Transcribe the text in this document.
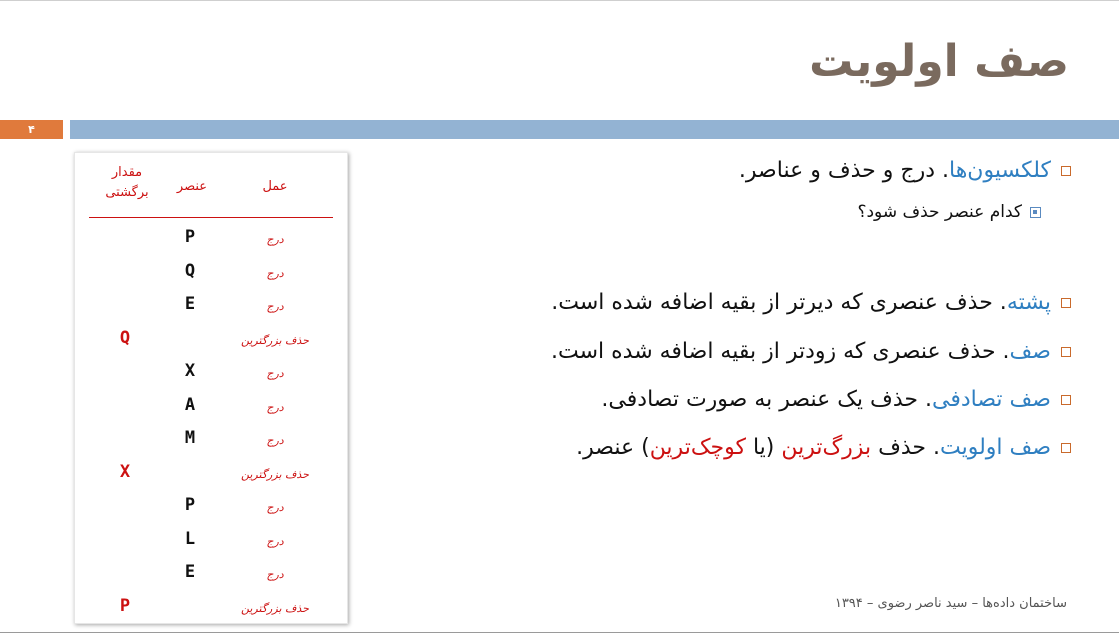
صف اولویت
۴
عمل
عنصر
مقدار
برگشتی
درج
P
درج
Q
درج
E
حذف بزرگترین
Q
درج
X
درج
A
درج
M
حذف بزرگترین
X
درج
P
درج
L
درج
E
حذف بزرگترین
P
کلکسیون‌ها. درج و حذف و عناصر.
کدام عنصر حذف شود؟
پشته. حذف عنصری که دیرتر از بقیه اضافه شده است.
صف. حذف عنصری که زودتر از بقیه اضافه شده است.
صف تصادفی. حذف یک عنصر به صورت تصادفی.
صف اولویت. حذف بزرگ‌ترین (یا کوچک‌ترین) عنصر.
ساختمان داده‌ها – سید ناصر رضوی – ۱۳۹۴
